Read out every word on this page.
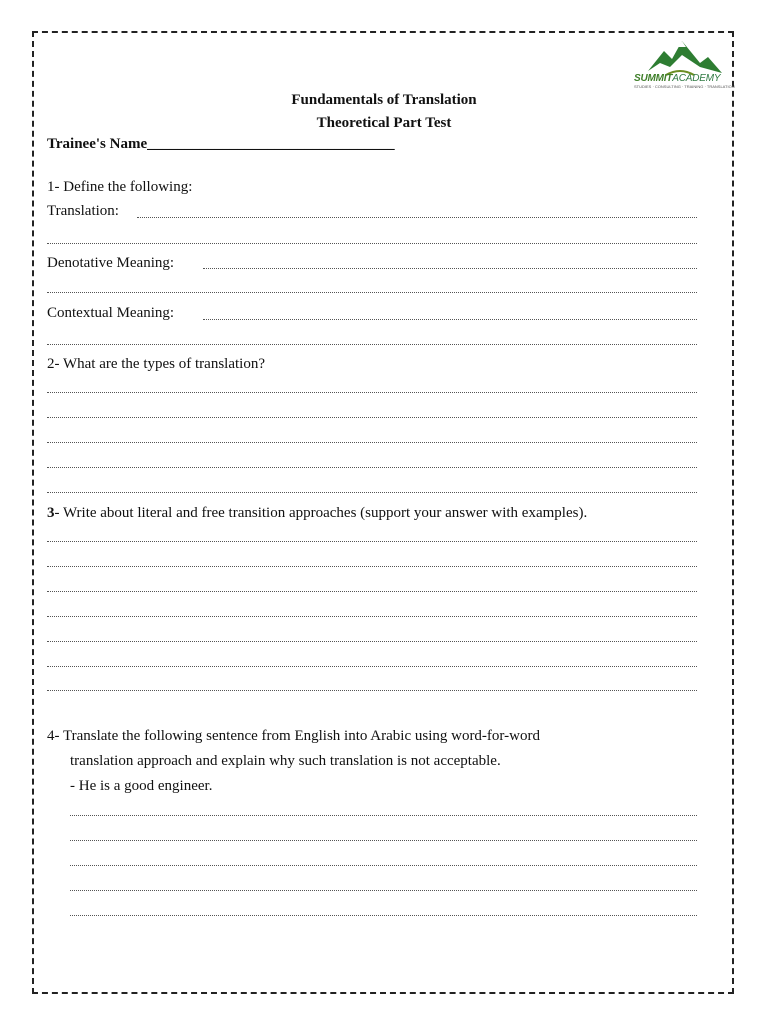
SUMMITACADEMY
STUDIES · CONSULTING · TRAINING · TRANSLATION
Fundamentals of Translation
Theoretical Part Test
Trainee's Name_________________________________
1- Define the following:
Translation:
Denotative Meaning:
Contextual Meaning:
2- What are the types of translation?
3- Write about literal and free transition approaches (support your answer with examples).
4- Translate the following sentence from English into Arabic using word-for-word
translation approach and explain why such translation is not acceptable.
- He is a good engineer.
